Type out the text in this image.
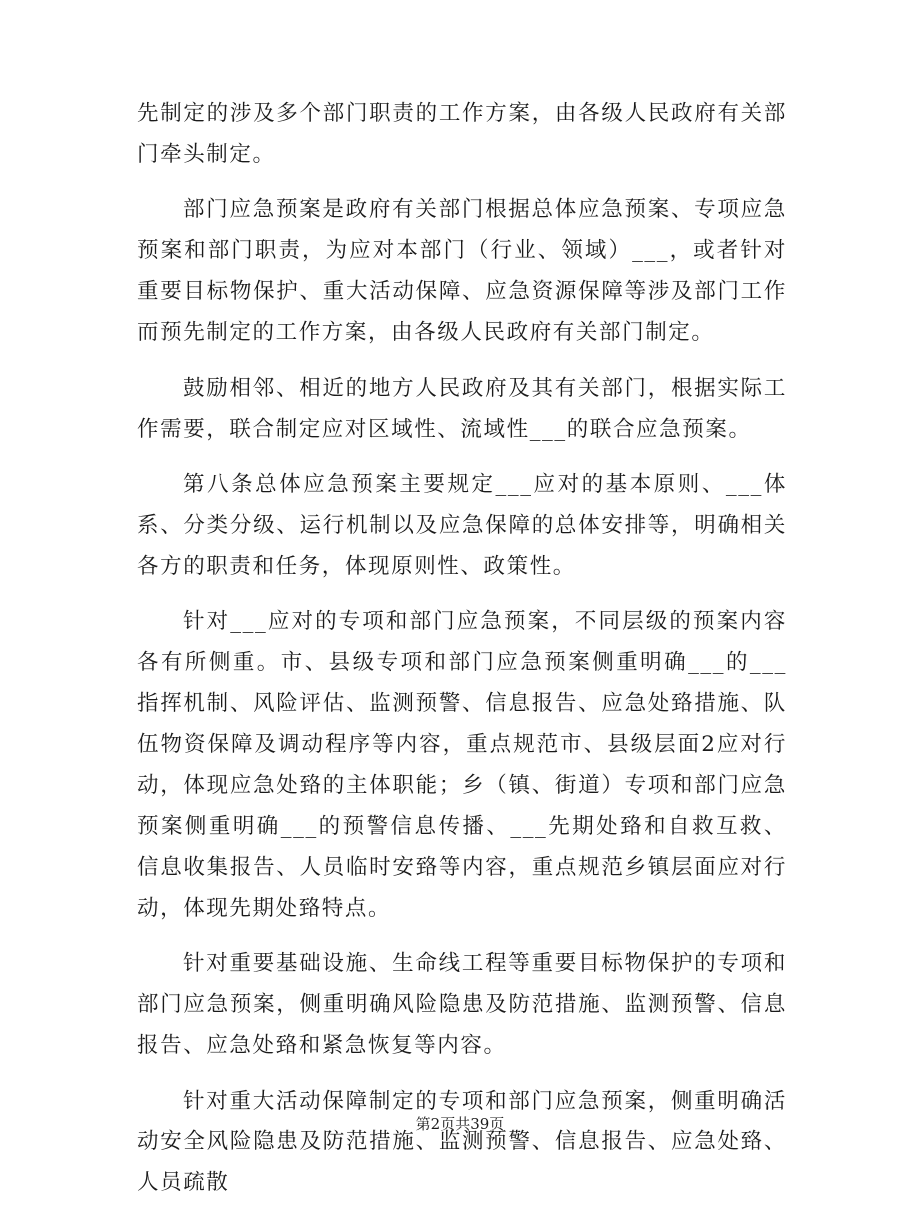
先制定的涉及多个部门职责的工作方案，由各级人民政府有关部门牵头制定。

部门应急预案是政府有关部门根据总体应急预案、专项应急预案和部门职责，为应对本部门（行业、领域）___，或者针对重要目标物保护、重大活动保障、应急资源保障等涉及部门工作而预先制定的工作方案，由各级人民政府有关部门制定。

鼓励相邻、相近的地方人民政府及其有关部门，根据实际工作需要，联合制定应对区域性、流域性___的联合应急预案。

第八条总体应急预案主要规定___应对的基本原则、___体系、分类分级、运行机制以及应急保障的总体安排等，明确相关各方的职责和任务，体现原则性、政策性。

针对___应对的专项和部门应急预案，不同层级的预案内容各有所侧重。市、县级专项和部门应急预案侧重明确___的___指挥机制、风险评估、监测预警、信息报告、应急处臵措施、队伍物资保障及调动程序等内容，重点规范市、县级层面2应对行动，体现应急处臵的主体职能；乡（镇、街道）专项和部门应急预案侧重明确___的预警信息传播、___先期处臵和自救互救、信息收集报告、人员临时安臵等内容，重点规范乡镇层面应对行动，体现先期处臵特点。

针对重要基础设施、生命线工程等重要目标物保护的专项和部门应急预案，侧重明确风险隐患及防范措施、监测预警、信息报告、应急处臵和紧急恢复等内容。

针对重大活动保障制定的专项和部门应急预案，侧重明确活动安全风险隐患及防范措施、监测预警、信息报告、应急处臵、人员疏散

第2页共39页
